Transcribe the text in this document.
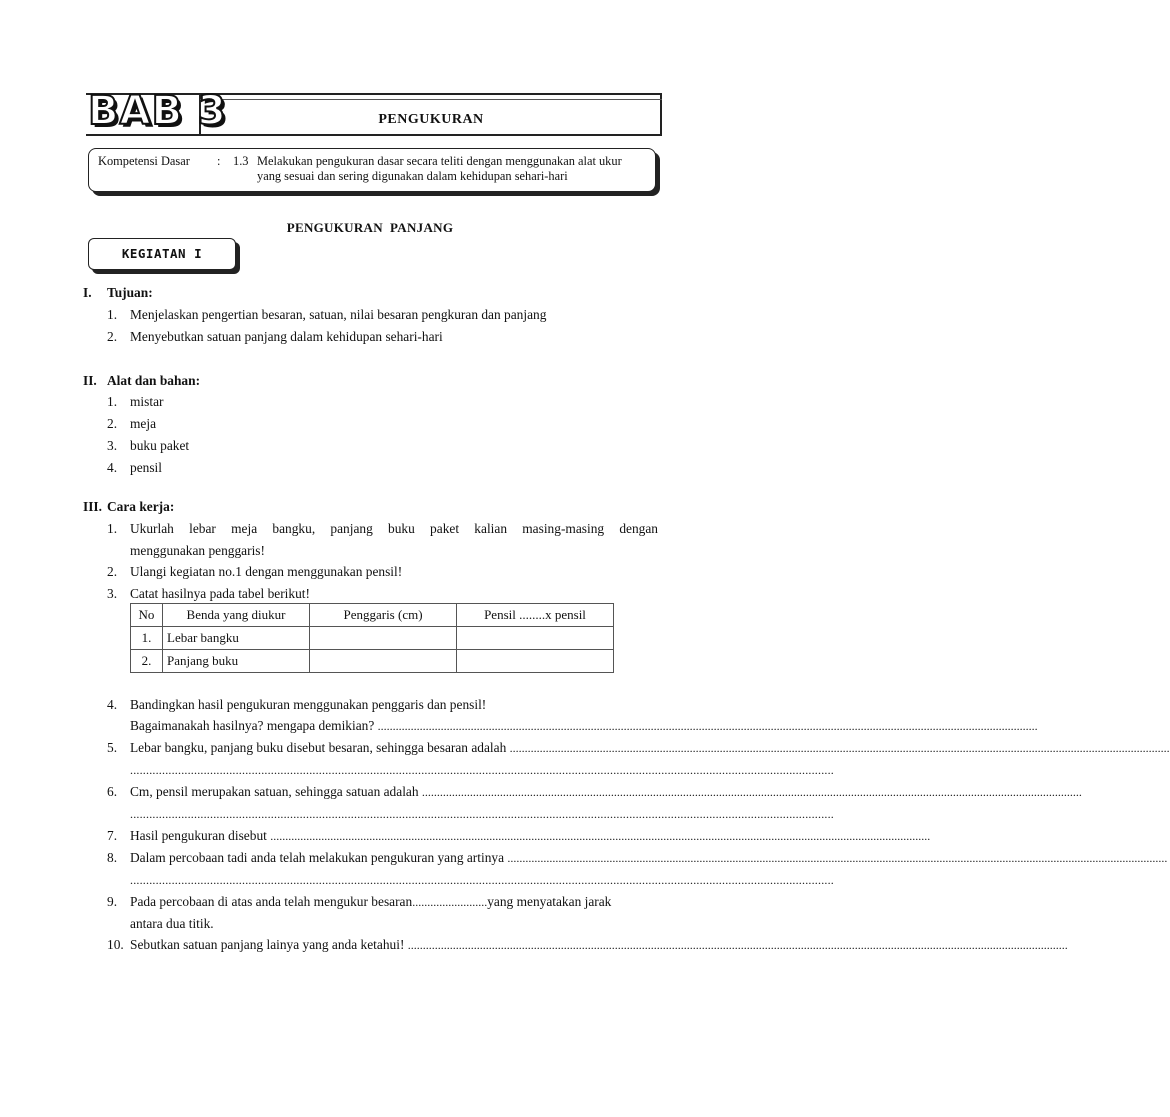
BAB 3	PENGUKURAN
Kompetensi Dasar : 1.3 Melakukan pengukuran dasar secara teliti dengan menggunakan alat ukur
yang sesuai dan sering digunakan dalam kehidupan sehari-hari
PENGUKURAN  PANJANG
KEGIATAN I
I. Tujuan:
1. Menjelaskan pengertian besaran, satuan, nilai besaran pengkuran dan panjang
2. Menyebutkan satuan panjang dalam kehidupan sehari-hari
II. Alat dan bahan:
1. mistar
2. meja
3. buku paket
4. pensil
III. Cara kerja:
1. Ukurlah lebar meja bangku, panjang buku paket kalian masing-masing dengan
menggunakan penggaris!
2. Ulangi kegiatan no.1 dengan menggunakan pensil!
3. Catat hasilnya pada tabel berikut!
No	Benda yang diukur	Penggaris (cm)	Pensil ........x pensil
1.	Lebar bangku		
2.	Panjang buku		
4. Bandingkan hasil pengukuran menggunakan penggaris dan pensil!
Bagaimanakah hasilnya? mengapa demikian? ............................................................................................................................................................................................................................
5. Lebar bangku, panjang buku disebut besaran, sehingga besaran adalah ............................................................................................................................................................................................................................
............................................................................................................................................................................................................................
6. Cm, pensil merupakan satuan, sehingga satuan adalah ............................................................................................................................................................................................................................
............................................................................................................................................................................................................................
7. Hasil pengukuran disebut ............................................................................................................................................................................................................................
8. Dalam percobaan tadi anda telah melakukan pengukuran yang artinya ............................................................................................................................................................................................................................
............................................................................................................................................................................................................................
9. Pada percobaan di atas anda telah mengukur besaran.........................yang menyatakan jarak
antara dua titik.
10. Sebutkan satuan panjang lainya yang anda ketahui! ............................................................................................................................................................................................................................
